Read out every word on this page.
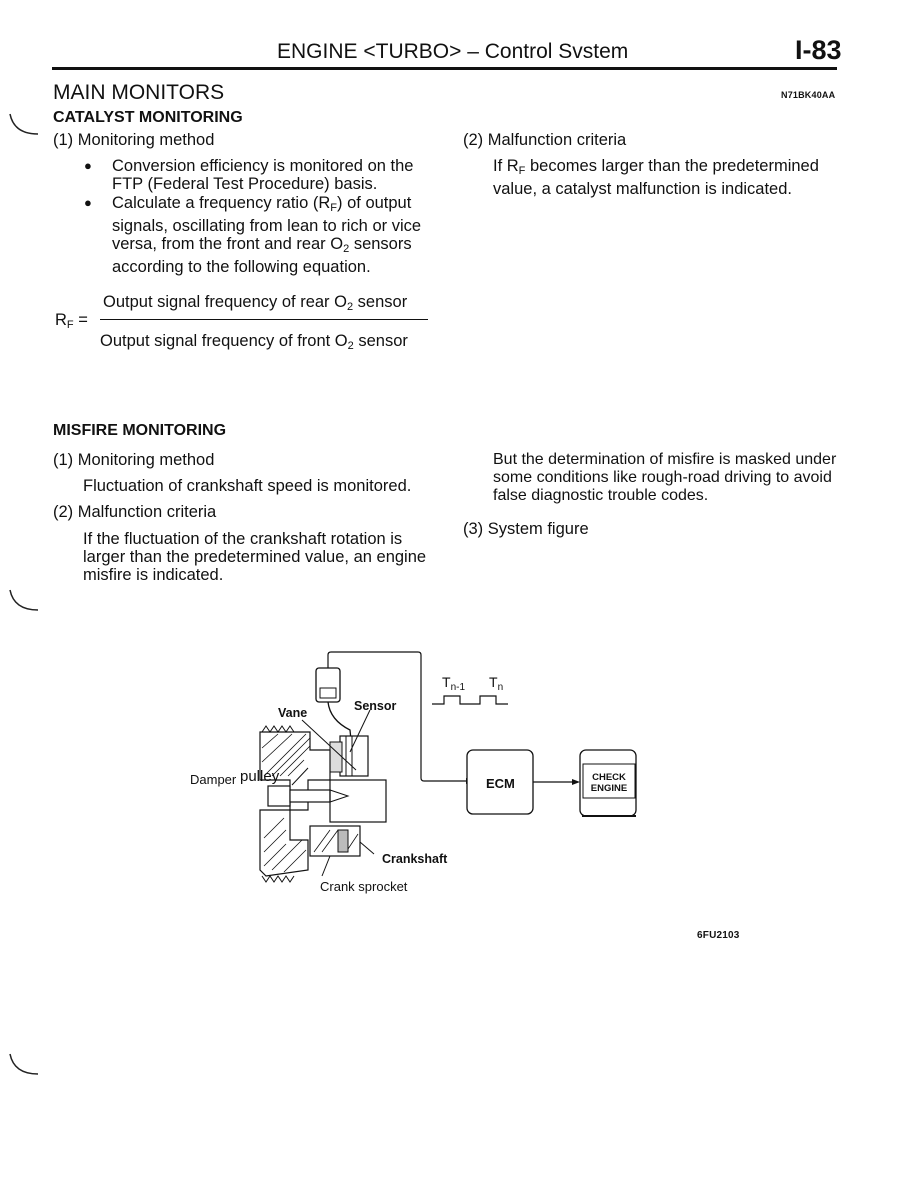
ENGINE <TURBO> – Control Svstem	I-83
MAIN MONITORS	N71BK40AA
CATALYST MONITORING
(1) Monitoring method
● Conversion efficiency is monitored on the
FTP (Federal Test Procedure) basis.
● Calculate a frequency ratio $(R_F)$ of output
signals, oscillating from lean to rich or vice
versa, from the front and rear $O_2$ sensors
according to the following equation.
Output signal frequency of rear $O_2$ sensor
$R_F$ =
Output signal frequency of front $O_2$ sensor
(2) Malfunction criteria
If $R_F$ becomes larger than the predetermined
value, a catalyst malfunction is indicated.
MISFIRE MONITORING
(1) Monitoring method
Fluctuation of crankshaft speed is monitored.
(2) Malfunction criteria
If the fluctuation of the crankshaft rotation is
larger than the predetermined value, an engine
misfire is indicated.
But the determination of misfire is masked under
some conditions like rough-road driving to avoid
false diagnostic trouble codes.
(3) System figure
Vane	Sensor
Damper pulley
Crankshaft
Crank sprocket
$T_{n-1}$ $T_n$
ECM	CHECK
ENGINE
6FU2103
